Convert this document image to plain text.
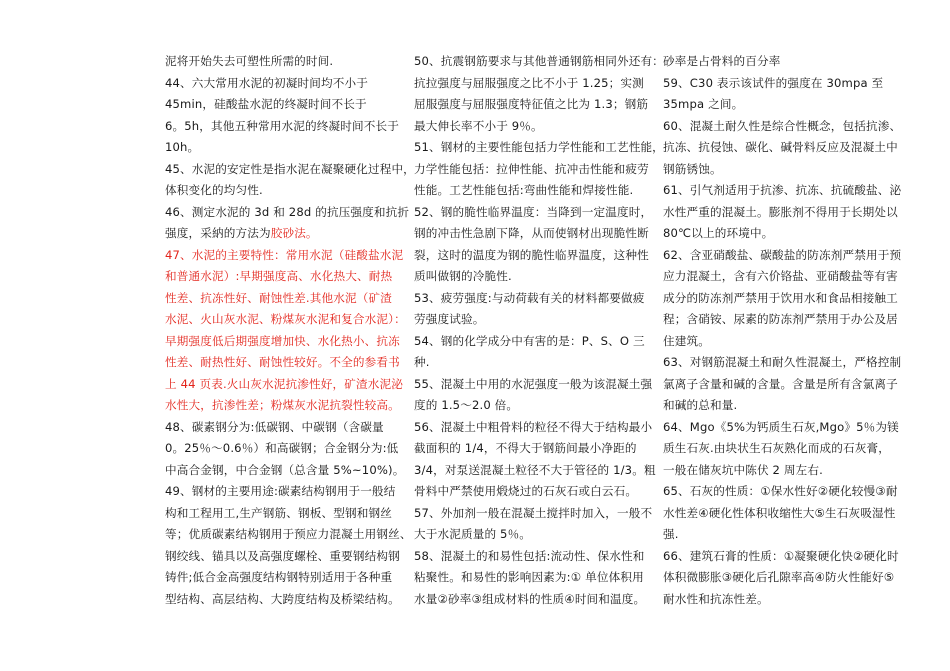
泥将开始失去可塑性所需的时间.
44、六大常用水泥的初凝时间均不小于
45min，硅酸盐水泥的终凝时间不长于
6。5h，其他五种常用水泥的终凝时间不长于
10h。
45、水泥的安定性是指水泥在凝聚硬化过程中，
体积变化的均匀性.
46、测定水泥的 3d 和 28d 的抗压强度和抗折
强度，采納的方法为胶砂法。
47、水泥的主要特性：常用水泥（硅酸盐水泥
和普通水泥）:早期强度高、水化热大、耐热
性差、抗冻性好、耐蚀性差.其他水泥（矿渣
水泥、火山灰水泥、粉煤灰水泥和复合水泥）：
早期强度低后期强度增加快、水化热小、抗冻
性差、耐热性好、耐蚀性较好。不全的参看书
上 44 页表.火山灰水泥抗渗性好，矿渣水泥泌
水性大，抗渗性差；粉煤灰水泥抗裂性较高。
48、碳素钢分为:低碳钢、中碳钢（含碳量
0。25％～0.6％）和高碳钢；合金钢分为:低
中高合金钢，中合金钢（总含量 5%~10%)。
49、钢材的主要用途:碳素结构钢用于一般结
构和工程用工,生产钢筋、钢板、型钢和钢丝
等；优质碳素结构钢用于预应力混凝土用钢丝、
钢绞线、锚具以及高强度螺栓、重要钢结构钢
铸件;低合金高强度结构钢特别适用于各种重
型结构、高层结构、大跨度结构及桥梁结构。
50、抗震钢筋要求与其他普通钢筋相同外还有：
抗拉强度与屈服强度之比不小于 1.25；实测
屈服强度与屈服强度特征值之比为 1.3；钢筋
最大伸长率不小于 9％。
51、钢材的主要性能包括力学性能和工艺性能，
力学性能包括：拉伸性能、抗冲击性能和疲劳
性能。工艺性能包括:弯曲性能和焊接性能.
52、钢的脆性临界温度：当降到一定温度时，
钢的冲击性急剧下降，从而使钢材出现脆性断
裂，这时的温度为钢的脆性临界温度，这种性
质叫做钢的冷脆性.
53、疲劳强度:与动荷载有关的材料都要做疲
劳强度试验。
54、钢的化学成分中有害的是：P、S、O 三
种.
55、混凝土中用的水泥强度一般为该混凝土强
度的 1.5～2.0 倍。
56、混凝土中粗骨料的粒径不得大于结构最小
截面积的 1/4，不得大于钢筋间最小净距的
3/4，对泵送混凝土粒径不大于管径的 1/3。粗
骨料中严禁使用煅烧过的石灰石或白云石。
57、外加剂一般在混凝土搅拌时加入，一般不
大于水泥质量的 5％。
58、混凝土的和易性包括:流动性、保水性和
粘聚性。和易性的影响因素为:① 单位体积用
水量②砂率③组成材料的性质④时间和温度。
砂率是占骨料的百分率
59、C30 表示该试件的强度在 30mpa 至
35mpa 之间。
60、混凝土耐久性是综合性概念，包括抗渗、
抗冻、抗侵蚀、碳化、碱骨料反应及混凝土中
钢筋锈蚀。
61、引气剂适用于抗渗、抗冻、抗硫酸盐、泌
水性严重的混凝土。膨胀剂不得用于长期处以
80℃以上的环境中。
62、含亚硝酸盐、碳酸盐的防冻剂严禁用于预
应力混凝土，含有六价铬盐、亚硝酸盐等有害
成分的防冻剂严禁用于饮用水和食品相接触工
程；含硝铵、尿素的防冻剂严禁用于办公及居
住建筑。
63、对钢筋混凝土和耐久性混凝土，严格控制
氯离子含量和碱的含量。含量是所有含氯离子
和碱的总和量.
64、Mgo《5%为钙质生石灰,Mgo》5％为镁
质生石灰.由块状生石灰熟化而成的石灰膏，
一般在储灰坑中陈伏 2 周左右.
65、石灰的性质：①保水性好②硬化较慢③耐
水性差④硬化性体积收缩性大⑤生石灰吸湿性
强.
66、建筑石膏的性质：①凝聚硬化快②硬化时
体积微膨胀③硬化后孔隙率高④防火性能好⑤
耐水性和抗冻性差。
